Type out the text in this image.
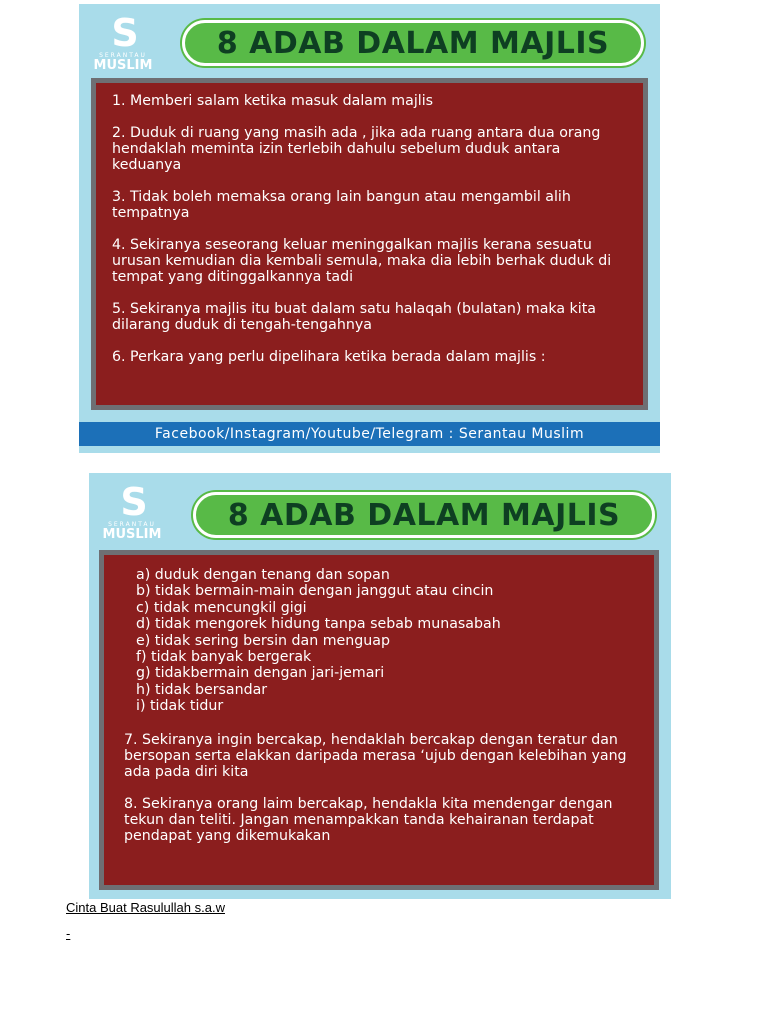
S
SERANTAU
MUSLIM
8 ADAB DALAM MAJLIS

1. Memberi salam ketika masuk dalam majlis

2. Duduk di ruang yang masih ada , jika ada ruang antara dua orang hendaklah meminta izin terlebih dahulu sebelum duduk antara keduanya

3. Tidak boleh memaksa orang lain bangun atau mengambil alih tempatnya

4. Sekiranya seseorang keluar meninggalkan majlis kerana sesuatu urusan kemudian dia kembali semula, maka dia lebih berhak duduk di tempat yang ditinggalkannya tadi

5. Sekiranya majlis itu buat dalam satu halaqah (bulatan) maka kita dilarang duduk di tengah-tengahnya

6. Perkara yang perlu dipelihara ketika berada dalam majlis :

Facebook/Instagram/Youtube/Telegram : Serantau Muslim
S
SERANTAU
MUSLIM
8 ADAB DALAM MAJLIS
a) duduk dengan tenang dan sopan
b) tidak bermain-main dengan janggut atau cincin
c) tidak mencungkil gigi
d) tidak mengorek hidung tanpa sebab munasabah
e) tidak sering bersin dan menguap
f) tidak banyak bergerak
g) tidakbermain dengan jari-jemari
h) tidak bersandar
i) tidak tidur

7. Sekiranya ingin bercakap, hendaklah bercakap dengan teratur dan bersopan serta elakkan daripada merasa ‘ujub dengan kelebihan yang ada pada diri kita

8. Sekiranya orang laim bercakap, hendakla kita mendengar dengan tekun dan teliti. Jangan menampakkan tanda kehairanan terdapat pendapat yang dikemukakan

Cinta Buat Rasulullah s.a.w
-
